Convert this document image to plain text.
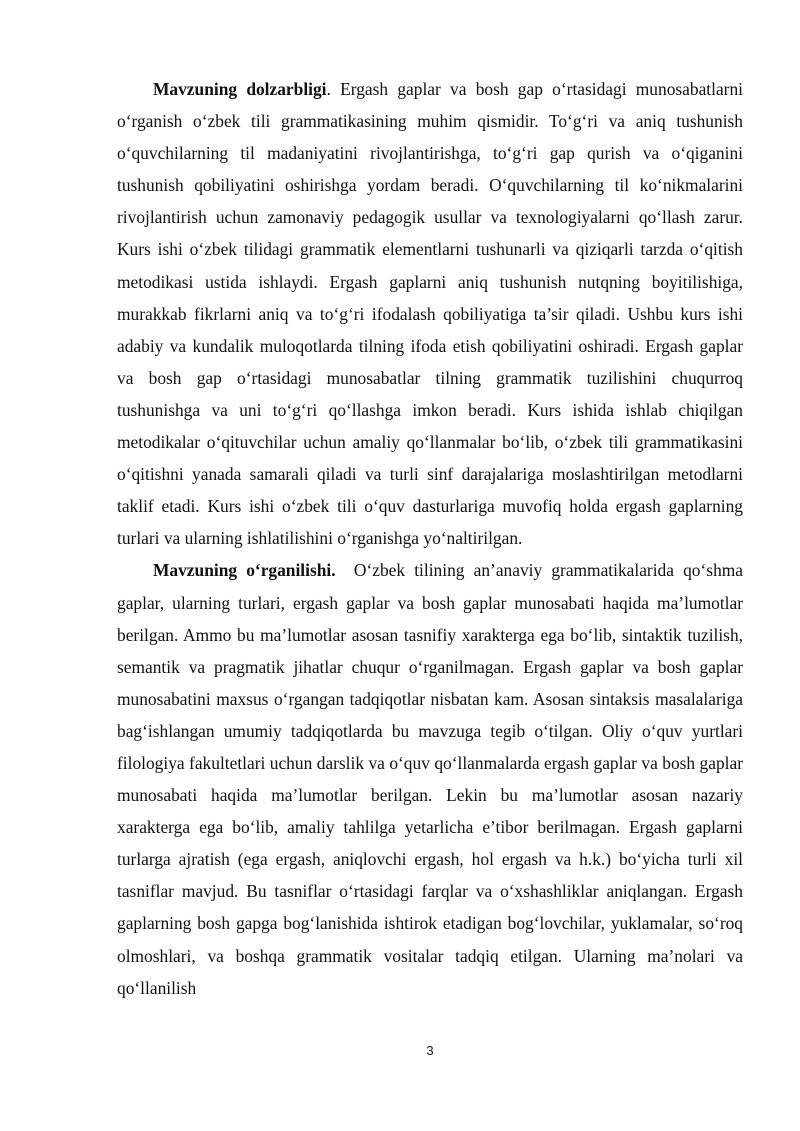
Mavzuning dolzarbligi. Ergash gaplar va bosh gap o‘rtasidagi munosabatlarni o‘rganish o‘zbek tili grammatikasining muhim qismidir. To‘g‘ri va aniq tushunish o‘quvchilarning til madaniyatini rivojlantirishga, to‘g‘ri gap qurish va o‘qiganini tushunish qobiliyatini oshirishga yordam beradi. O‘quvchilarning til ko‘nikmalarini rivojlantirish uchun zamonaviy pedagogik usullar va texnologiyalarni qo‘llash zarur. Kurs ishi o‘zbek tilidagi grammatik elementlarni tushunarli va qiziqarli tarzda o‘qitish metodikasi ustida ishlaydi. Ergash gaplarni aniq tushunish nutqning boyitilishiga, murakkab fikrlarni aniq va to‘g‘ri ifodalash qobiliyatiga ta’sir qiladi. Ushbu kurs ishi adabiy va kundalik muloqotlarda tilning ifoda etish qobiliyatini oshiradi. Ergash gaplar va bosh gap o‘rtasidagi munosabatlar tilning grammatik tuzilishini chuqurroq tushunishga va uni to‘g‘ri qo‘llashga imkon beradi. Kurs ishida ishlab chiqilgan metodikalar o‘qituvchilar uchun amaliy qo‘llanmalar bo‘lib, o‘zbek tili grammatikasini o‘qitishni yanada samarali qiladi va turli sinf darajalariga moslashtirilgan metodlarni taklif etadi. Kurs ishi o‘zbek tili o‘quv dasturlariga muvofiq holda ergash gaplarning turlari va ularning ishlatilishini o‘rganishga yo‘naltirilgan.

Mavzuning o‘rganilishi.  O‘zbek tilining an’anaviy grammatikalarida qo‘shma gaplar, ularning turlari, ergash gaplar va bosh gaplar munosabati haqida ma’lumotlar berilgan. Ammo bu ma’lumotlar asosan tasnifiy xarakterga ega bo‘lib, sintaktik tuzilish, semantik va pragmatik jihatlar chuqur o‘rganilmagan. Ergash gaplar va bosh gaplar munosabatini maxsus o‘rgangan tadqiqotlar nisbatan kam. Asosan sintaksis masalalariga bag‘ishlangan umumiy tadqiqotlarda bu mavzuga tegib o‘tilgan. Oliy o‘quv yurtlari filologiya fakultetlari uchun darslik va o‘quv qo‘llanmalarda ergash gaplar va bosh gaplar munosabati haqida ma’lumotlar berilgan. Lekin bu ma’lumotlar asosan nazariy xarakterga ega bo‘lib, amaliy tahlilga yetarlicha e’tibor berilmagan. Ergash gaplarni turlarga ajratish (ega ergash, aniqlovchi ergash, hol ergash va h.k.) bo‘yicha turli xil tasniflar mavjud. Bu tasniflar o‘rtasidagi farqlar va o‘xshashliklar aniqlangan. Ergash gaplarning bosh gapga bog‘lanishida ishtirok etadigan bog‘lovchilar, yuklamalar, so‘roq olmoshlari, va boshqa grammatik vositalar tadqiq etilgan. Ularning ma’nolari va qo‘llanilish

3
